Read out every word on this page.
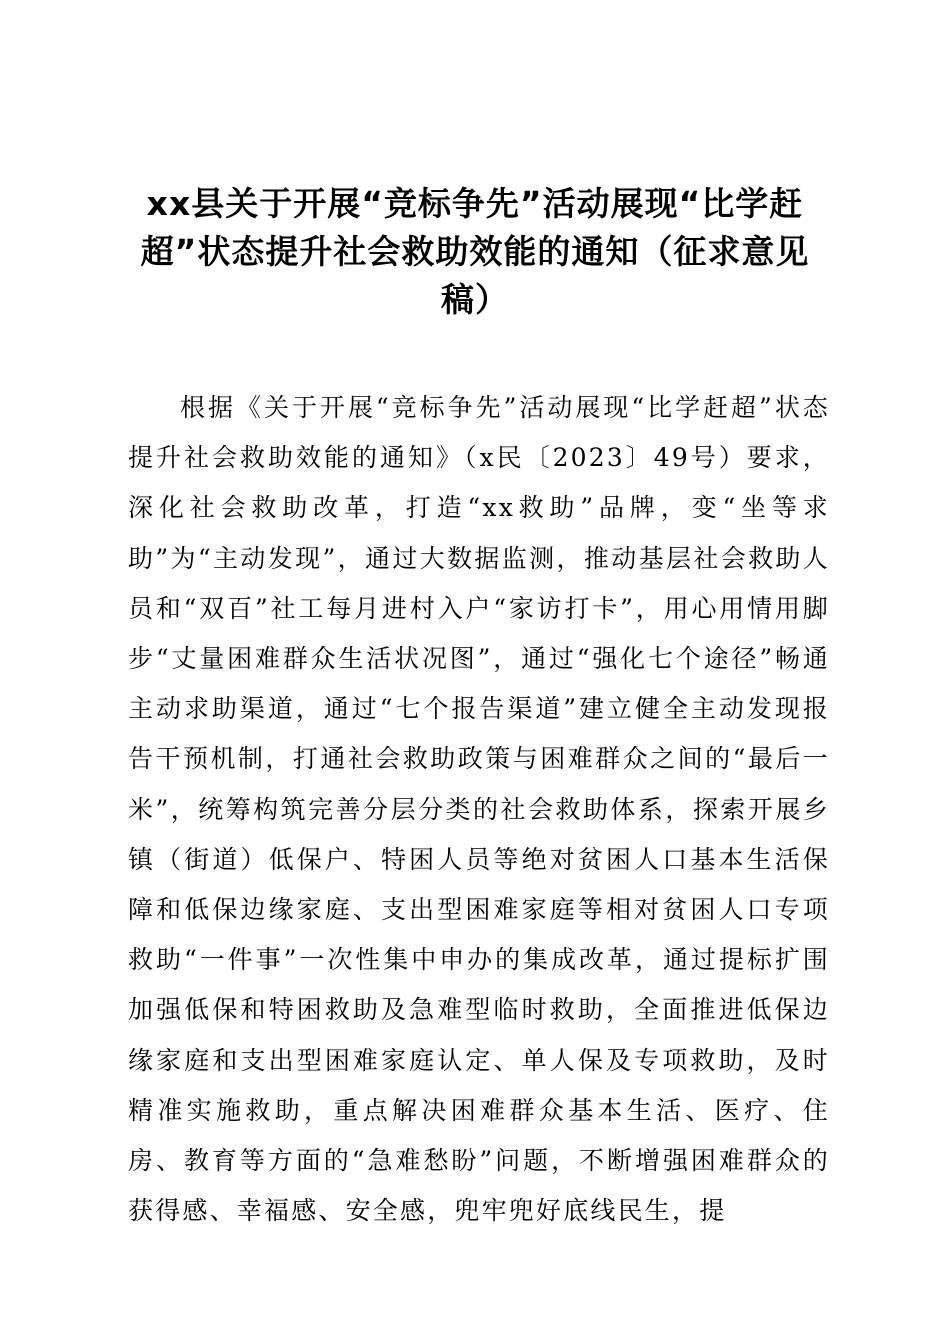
xx县关于开展“竞标争先”活动展现“比学赶超”状态提升社会救助效能的通知（征求意见稿）

根据《关于开展“竞标争先”活动展现“比学赶超”状态提升社会救助效能的通知》（x民〔2023〕49号）要求，深化社会救助改革，打造“xx救助”品牌，变“坐等求助”为“主动发现”，通过大数据监测，推动基层社会救助人员和“双百”社工每月进村入户“家访打卡”，用心用情用脚步“丈量困难群众生活状况图”，通过“强化七个途径”畅通主动求助渠道，通过“七个报告渠道”建立健全主动发现报告干预机制，打通社会救助政策与困难群众之间的“最后一米”，统筹构筑完善分层分类的社会救助体系，探索开展乡镇（街道）低保户、特困人员等绝对贫困人口基本生活保障和低保边缘家庭、支出型困难家庭等相对贫困人口专项救助“一件事”一次性集中申办的集成改革，通过提标扩围加强低保和特困救助及急难型临时救助，全面推进低保边缘家庭和支出型困难家庭认定、单人保及专项救助，及时精准实施救助，重点解决困难群众基本生活、医疗、住房、教育等方面的“急难愁盼”问题，不断增强困难群众的获得感、幸福感、安全感，兜牢兜好底线民生，提
